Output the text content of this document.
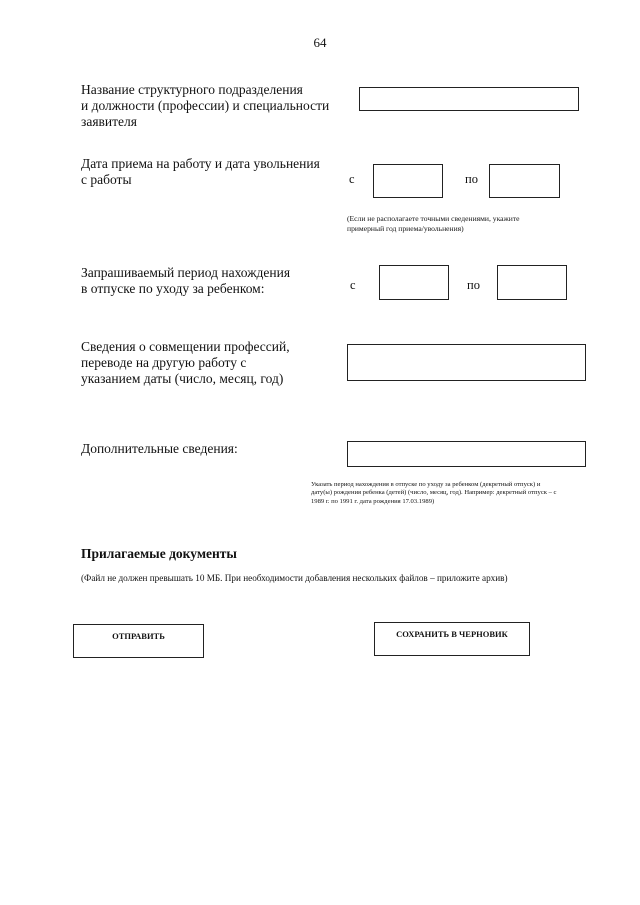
64
Название структурного подразделения
и должности (профессии) и специальности
заявителя
Дата приема на работу и дата увольнения
с работы	с	по
(Если не располагаете точными сведениями, укажите
примерный год приема/увольнения)
Запрашиваемый период нахождения
в отпуске по уходу за ребенком:	с	по
Сведения о совмещении профессий,
переводе на другую работу с
указанием даты (число, месяц, год)
Дополнительные сведения:
Указать период нахождения в отпуске по уходу за ребенком (декретный отпуск) и
дату(ы) рождения ребенка (детей) (число, месяц, год). Например: декретный отпуск – с
1989 г. по 1991 г. дата рождения 17.03.1989)
Прилагаемые документы
(Файл не должен превышать 10 МБ. При необходимости добавления нескольких файлов – приложите архив)
ОТПРАВИТЬ	СОХРАНИТЬ В ЧЕРНОВИК
